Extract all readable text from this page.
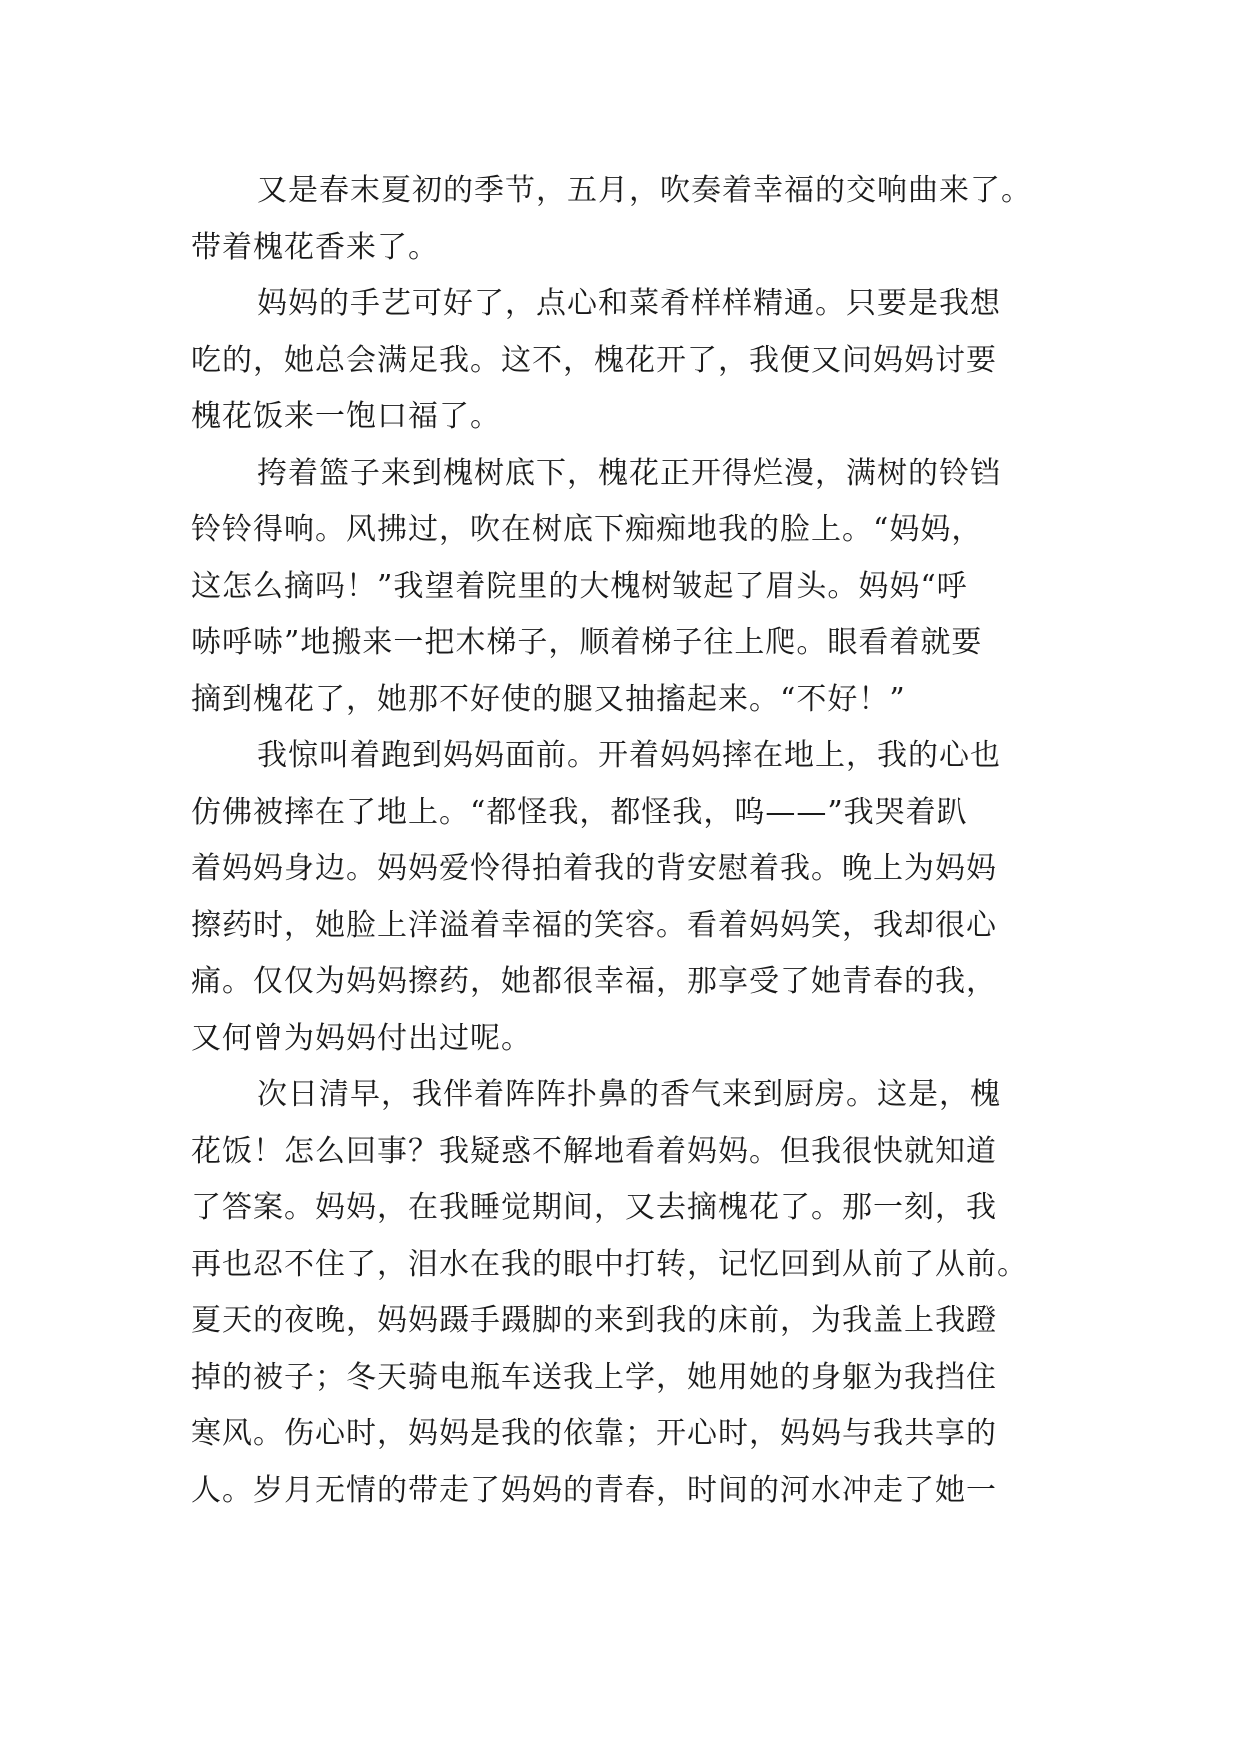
又是春末夏初的季节，五月，吹奏着幸福的交响曲来了。
带着槐花香来了。

妈妈的手艺可好了，点心和菜肴样样精通。只要是我想
吃的，她总会满足我。这不，槐花开了，我便又问妈妈讨要
槐花饭来一饱口福了。

挎着篮子来到槐树底下，槐花正开得烂漫，满树的铃铛
铃铃得响。风拂过，吹在树底下痴痴地我的脸上。“妈妈，
这怎么摘吗！”我望着院里的大槐树皱起了眉头。妈妈“呼
哧呼哧”地搬来一把木梯子，顺着梯子往上爬。眼看着就要
摘到槐花了，她那不好使的腿又抽搐起来。“不好！”

我惊叫着跑到妈妈面前。开着妈妈摔在地上，我的心也
仿佛被摔在了地上。“都怪我，都怪我，呜——”我哭着趴
着妈妈身边。妈妈爱怜得拍着我的背安慰着我。晚上为妈妈
擦药时，她脸上洋溢着幸福的笑容。看着妈妈笑，我却很心
痛。仅仅为妈妈擦药，她都很幸福，那享受了她青春的我，
又何曾为妈妈付出过呢。

次日清早，我伴着阵阵扑鼻的香气来到厨房。这是，槐
花饭！怎么回事？我疑惑不解地看着妈妈。但我很快就知道
了答案。妈妈，在我睡觉期间，又去摘槐花了。那一刻，我
再也忍不住了，泪水在我的眼中打转，记忆回到从前了从前。
夏天的夜晚，妈妈蹑手蹑脚的来到我的床前，为我盖上我蹬
掉的被子；冬天骑电瓶车送我上学，她用她的身躯为我挡住
寒风。伤心时，妈妈是我的依靠；开心时，妈妈与我共享的
人。岁月无情的带走了妈妈的青春，时间的河水冲走了她一
